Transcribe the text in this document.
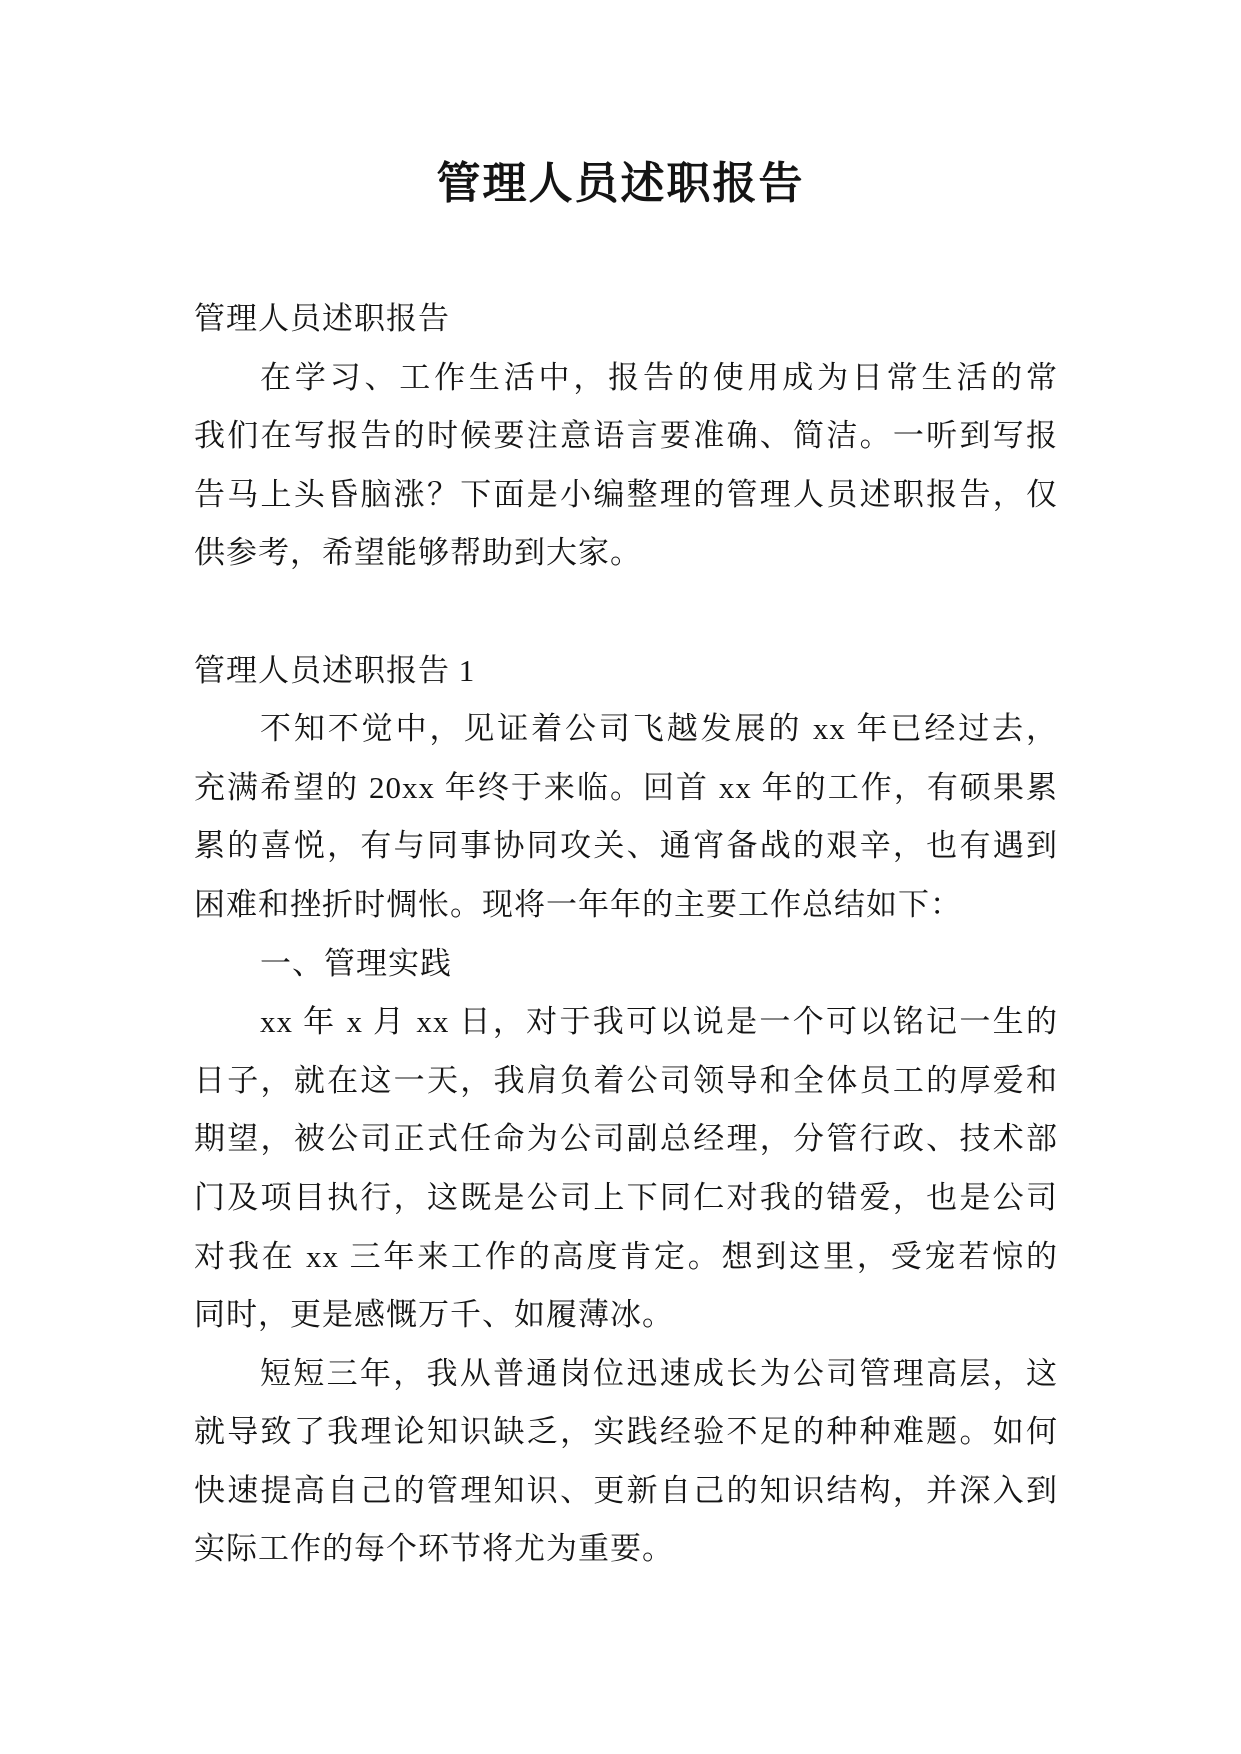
管理人员述职报告
管理人员述职报告
在学习、工作生活中，报告的使用成为日常生活的常
我们在写报告的时候要注意语言要准确、简洁。一听到写报
告马上头昏脑涨？下面是小编整理的管理人员述职报告，仅
供参考，希望能够帮助到大家。
管理人员述职报告 1
不知不觉中，见证着公司飞越发展的 xx 年已经过去，
充满希望的 20xx 年终于来临。回首 xx 年的工作，有硕果累
累的喜悦，有与同事协同攻关、通宵备战的艰辛，也有遇到
困难和挫折时惆怅。现将一年年的主要工作总结如下：
一、管理实践
xx 年 x 月 xx 日，对于我可以说是一个可以铭记一生的
日子，就在这一天，我肩负着公司领导和全体员工的厚爱和
期望，被公司正式任命为公司副总经理，分管行政、技术部
门及项目执行，这既是公司上下同仁对我的错爱，也是公司
对我在 xx 三年来工作的高度肯定。想到这里，受宠若惊的
同时，更是感慨万千、如履薄冰。
短短三年，我从普通岗位迅速成长为公司管理高层，这
就导致了我理论知识缺乏，实践经验不足的种种难题。如何
快速提高自己的管理知识、更新自己的知识结构，并深入到
实际工作的每个环节将尤为重要。
